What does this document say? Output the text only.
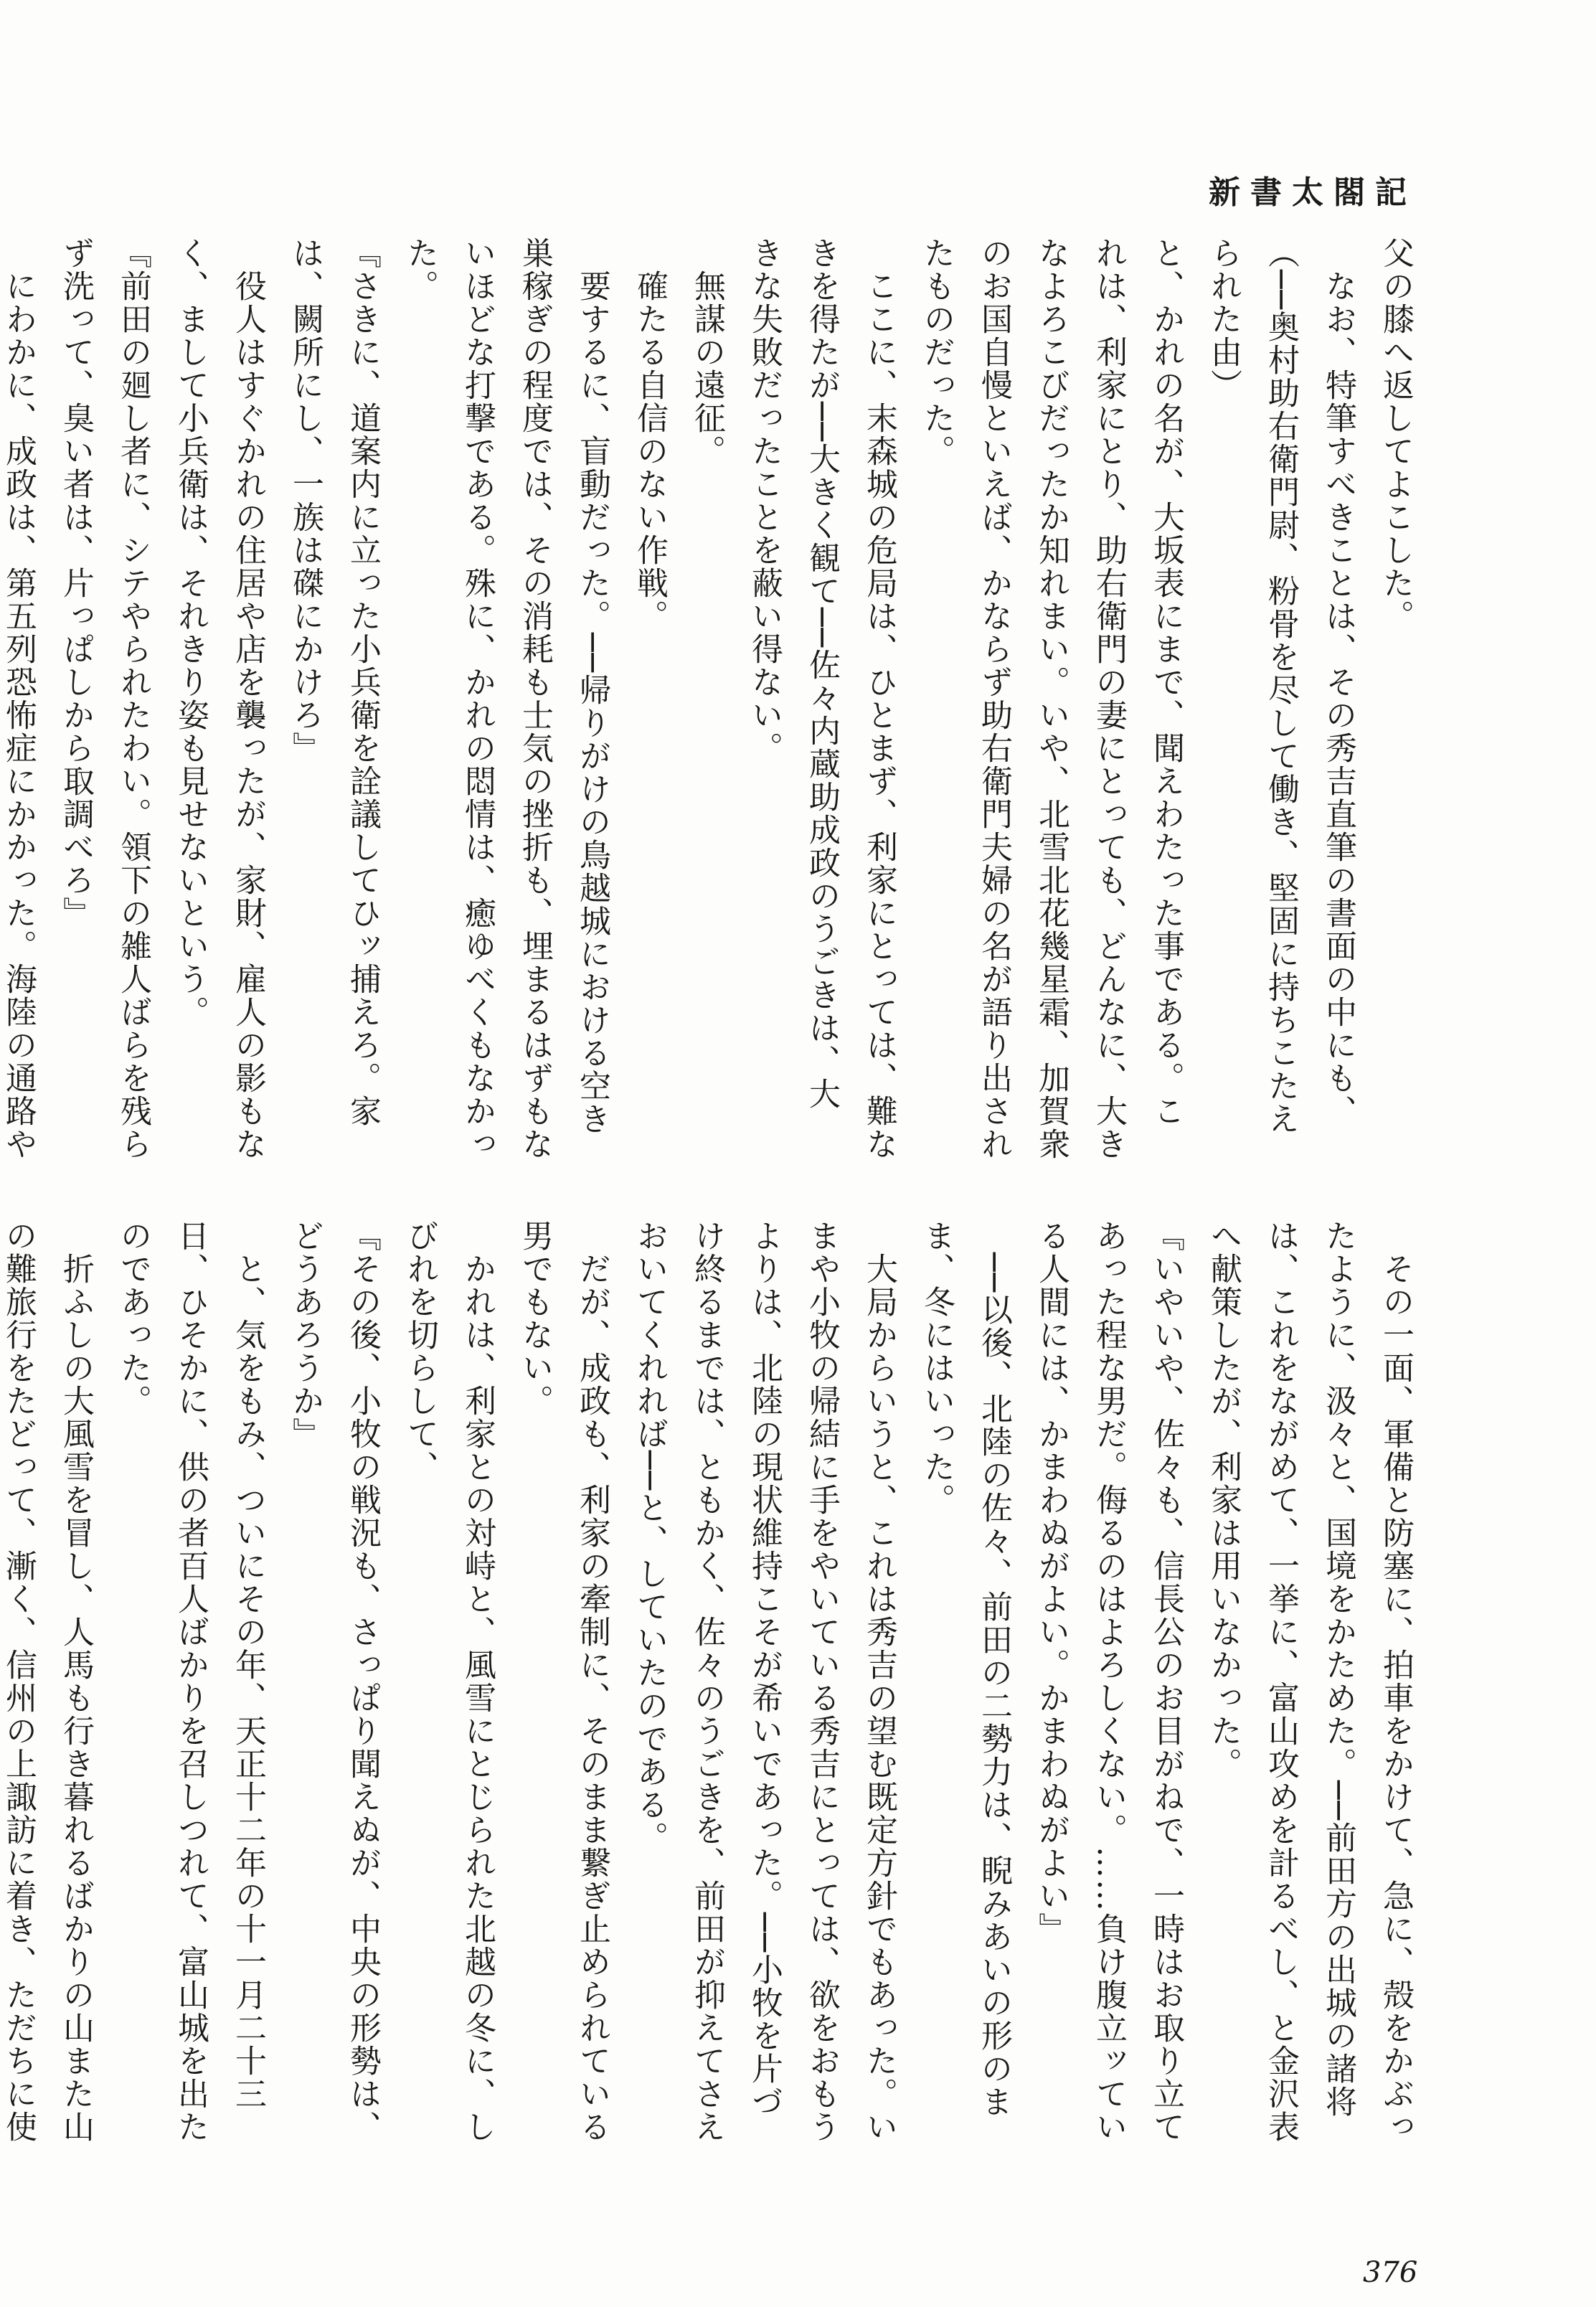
新書太閤記

父の膝へ返してよこした。

　なお、特筆すべきことは、その秀吉直筆の書面の中にも、

（──奥村助右衛門尉、粉骨を尽して働き、堅固に持ちこたえ

られた由）

と、かれの名が、大坂表にまで、聞えわたった事である。こ

れは、利家にとり、助右衛門の妻にとっても、どんなに、大き

なよろこびだったか知れまい。いや、北雪北花幾星霜、加賀衆

のお国自慢といえば、かならず助右衛門夫婦の名が語り出され

たものだった。

　ここに、末森城の危局は、ひとまず、利家にとっては、難な

きを得たが──大きく観て──佐々内蔵助成政のうごきは、大

きな失敗だったことを蔽い得ない。

　無謀の遠征。

　確たる自信のない作戦。

　要するに、盲動だった。──帰りがけの鳥越城における空き

巣稼ぎの程度では、その消耗も士気の挫折も、埋まるはずもな

いほどな打撃である。殊に、かれの悶情は、癒ゆべくもなかっ

た。

『さきに、道案内に立った小兵衛を詮議してひッ捕えろ。家

は、闕所にし、一族は磔にかけろ』

　役人はすぐかれの住居や店を襲ったが、家財、雇人の影もな

く、まして小兵衛は、それきり姿も見せないという。

『前田の廻し者に、シテやられたわい。領下の雑人ばらを残ら

ず洗って、臭い者は、片っぱしから取調べろ』

　にわかに、成政は、第五列恐怖症にかかった。海陸の通路や

　その一面、軍備と防塞に、拍車をかけて、急に、殻をかぶっ

たように、汲々と、国境をかためた。──前田方の出城の諸将

は、これをながめて、一挙に、富山攻めを計るべし、と金沢表

へ献策したが、利家は用いなかった。

『いやいや、佐々も、信長公のお目がねで、一時はお取り立て

あった程な男だ。侮るのはよろしくない。……負け腹立ッてい

る人間には、かまわぬがよい。かまわぬがよい』

　──以後、北陸の佐々、前田の二勢力は、睨みあいの形のま

ま、冬にはいった。

　大局からいうと、これは秀吉の望む既定方針でもあった。い

まや小牧の帰結に手をやいている秀吉にとっては、欲をおもう

よりは、北陸の現状維持こそが希いであった。──小牧を片づ

け終るまでは、ともかく、佐々のうごきを、前田が抑えてさえ

おいてくれれば──と、していたのである。

　だが、成政も、利家の牽制に、そのまま繋ぎ止められている

男でもない。

　かれは、利家との対峙と、風雪にとじられた北越の冬に、し

びれを切らして、

『その後、小牧の戦況も、さっぱり聞えぬが、中央の形勢は、

どうあろうか』

　と、気をもみ、ついにその年、天正十二年の十一月二十三

日、ひそかに、供の者百人ばかりを召しつれて、富山城を出た

のであった。

　折ふしの大風雪を冒し、人馬も行き暮れるばかりの山また山

の難旅行をたどって、漸く、信州の上諏訪に着き、ただちに使

376
